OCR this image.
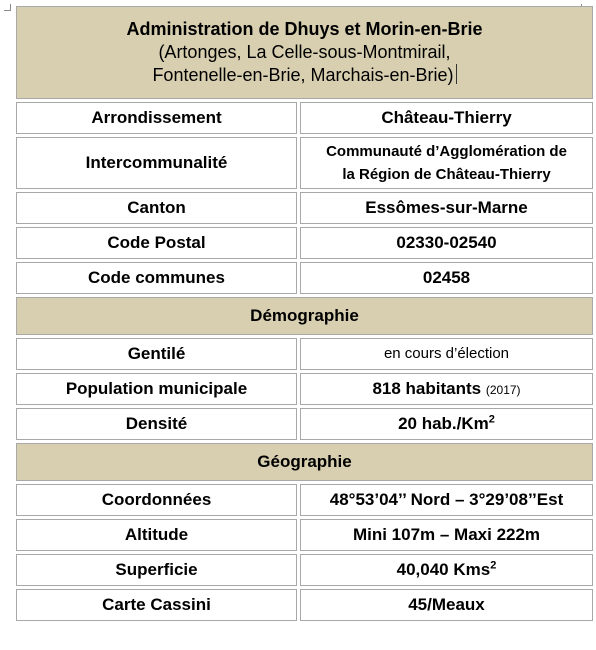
Administration de Dhuys et Morin-en-Brie
(Artonges, La Celle-sous-Montmirail,
Fontenelle-en-Brie, Marchais-en-Brie)	

Arrondissement	Château-Thierry
Intercommunalité	Communauté d’Agglomération de
la Région de Château-Thierry

Canton	Essômes-sur-Marne
Code Postal	02330-02540
Code communes	02458
Démographie	
Gentilé	en cours d’élection
Population municipale	818 habitants (2017)
Densité	20 hab./Km$^2$
Géographie	
Coordonnées	48°53’04’’ Nord – 3°29’08’’Est
Altitude	Mini 107m – Maxi 222m
Superficie	40,040 Kms$^2$
Carte Cassini	45/Meaux
